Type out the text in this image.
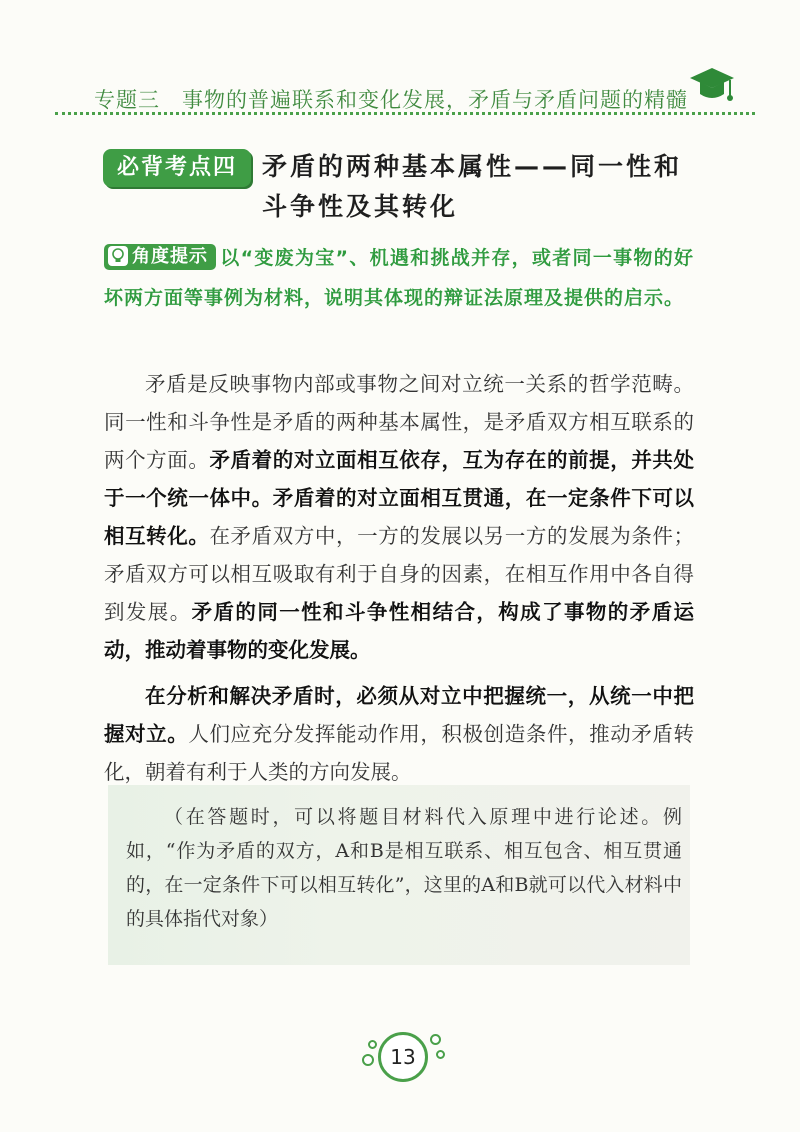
专题三　事物的普遍联系和变化发展，矛盾与矛盾问题的精髓
必背考点四 矛盾的两种基本属性——同一性和斗争性及其转化
角度提示 以“变废为宝”、机遇和挑战并存，或者同一事物的好坏两方面等事例为材料，说明其体现的辩证法原理及提供的启示。

矛盾是反映事物内部或事物之间对立统一关系的哲学范畴。同一性和斗争性是矛盾的两种基本属性，是矛盾双方相互联系的两个方面。矛盾着的对立面相互依存，互为存在的前提，并共处于一个统一体中。矛盾着的对立面相互贯通，在一定条件下可以相互转化。在矛盾双方中，一方的发展以另一方的发展为条件；矛盾双方可以相互吸取有利于自身的因素，在相互作用中各自得到发展。矛盾的同一性和斗争性相结合，构成了事物的矛盾运动，推动着事物的变化发展。

在分析和解决矛盾时，必须从对立中把握统一，从统一中把握对立。人们应充分发挥能动作用，积极创造条件，推动矛盾转化，朝着有利于人类的方向发展。

（在答题时，可以将题目材料代入原理中进行论述。例如，“作为矛盾的双方，A和B是相互联系、相互包含、相互贯通的，在一定条件下可以相互转化”，这里的A和B就可以代入材料中的具体指代对象）

13
